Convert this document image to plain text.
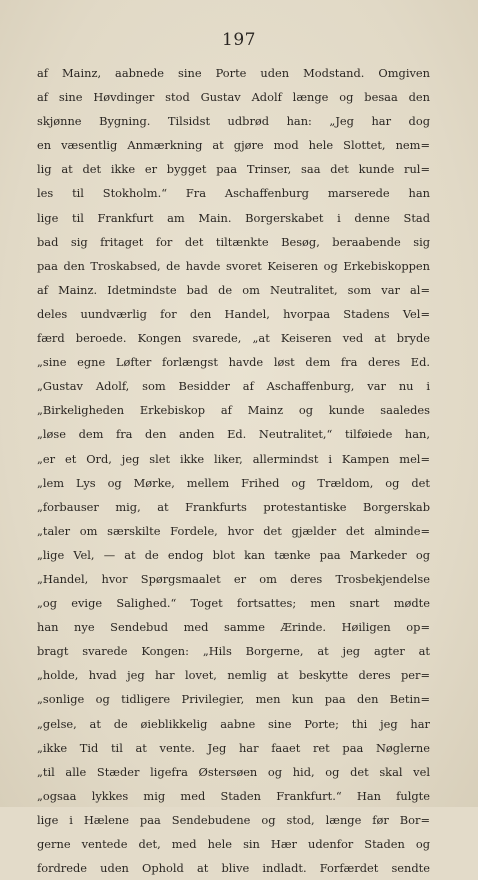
197
af Mainz, aabnede sine Porte uden Modstand. Omgiven
af sine Høvdinger stod Gustav Adolf længe og besaa den
skjønne Bygning. Tilsidst udbrød han: „Jeg har dog
en væsentlig Anmærkning at gjøre mod hele Slottet, nem=
lig at det ikke er bygget paa Trinser, saa det kunde rul=
les til Stokholm.“ Fra Aschaffenburg marserede han
lige til Frankfurt am Main. Borgerskabet i denne Stad
bad sig fritaget for det tiltænkte Besøg, beraabende sig
paa den Troskabsed, de havde svoret Keiseren og Erkebiskoppen
af Mainz. Idetmindste bad de om Neutralitet, som var al=
deles uundværlig for den Handel, hvorpaa Stadens Vel=
færd beroede. Kongen svarede, „at Keiseren ved at bryde
„sine egne Løfter forlængst havde løst dem fra deres Ed.
„Gustav Adolf, som Besidder af Aschaffenburg, var nu i
„Birkeligheden Erkebiskop af Mainz og kunde saaledes
„løse dem fra den anden Ed. Neutralitet,“ tilføiede han,
„er et Ord, jeg slet ikke liker, allermindst i Kampen mel=
„lem Lys og Mørke, mellem Frihed og Trældom, og det
„forbauser mig, at Frankfurts protestantiske Borgerskab
„taler om særskilte Fordele, hvor det gjælder det alminde=
„lige Vel, — at de endog blot kan tænke paa Markeder og
„Handel, hvor Spørgsmaalet er om deres Trosbekjendelse
„og evige Salighed.“ Toget fortsattes; men snart mødte
han nye Sendebud med samme Ærinde. Høiligen op=
bragt svarede Kongen: „Hils Borgerne, at jeg agter at
„holde, hvad jeg har lovet, nemlig at beskytte deres per=
„sonlige og tidligere Privilegier, men kun paa den Betin=
„gelse, at de øieblikkelig aabne sine Porte; thi jeg har
„ikke Tid til at vente. Jeg har faaet ret paa Nøglerne
„til alle Stæder ligefra Østersøen og hid, og det skal vel
„ogsaa lykkes mig med Staden Frankfurt.“ Han fulgte
lige i Hælene paa Sendebudene og stod, længe før Bor=
gerne ventede det, med hele sin Hær udenfor Staden og
fordrede uden Ophold at blive indladt. Forfærdet sendte
